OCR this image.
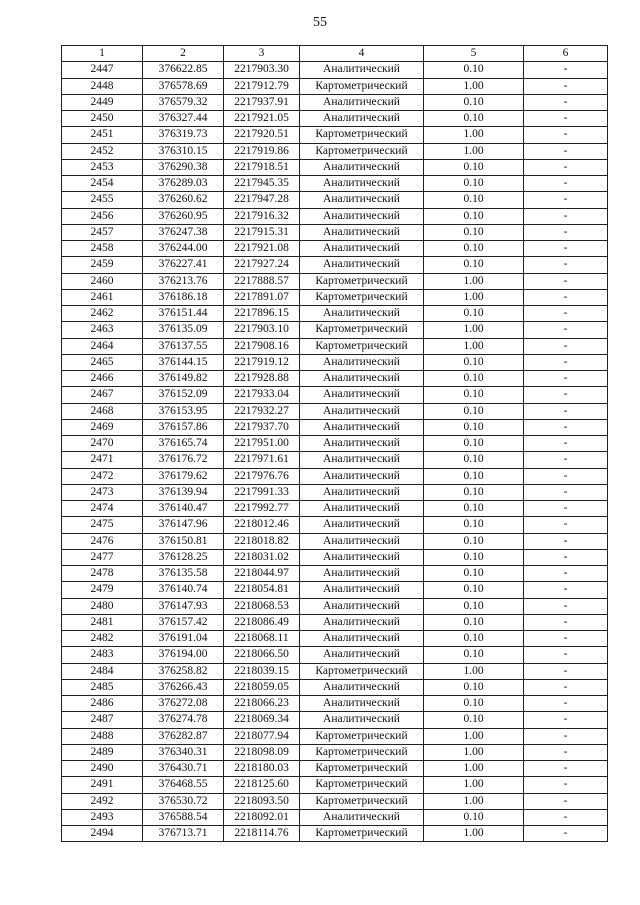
55
1	2	3	4	5	6
2447	376622.85	2217903.30	Аналитический	0.10	-
2448	376578.69	2217912.79	Картометрический	1.00	-
2449	376579.32	2217937.91	Аналитический	0.10	-
2450	376327.44	2217921.05	Аналитический	0.10	-
2451	376319.73	2217920.51	Картометрический	1.00	-
2452	376310.15	2217919.86	Картометрический	1.00	-
2453	376290.38	2217918.51	Аналитический	0.10	-
2454	376289.03	2217945.35	Аналитический	0.10	-
2455	376260.62	2217947.28	Аналитический	0.10	-
2456	376260.95	2217916.32	Аналитический	0.10	-
2457	376247.38	2217915.31	Аналитический	0.10	-
2458	376244.00	2217921.08	Аналитический	0.10	-
2459	376227.41	2217927.24	Аналитический	0.10	-
2460	376213.76	2217888.57	Картометрический	1.00	-
2461	376186.18	2217891.07	Картометрический	1.00	-
2462	376151.44	2217896.15	Аналитический	0.10	-
2463	376135.09	2217903.10	Картометрический	1.00	-
2464	376137.55	2217908.16	Картометрический	1.00	-
2465	376144.15	2217919.12	Аналитический	0.10	-
2466	376149.82	2217928.88	Аналитический	0.10	-
2467	376152.09	2217933.04	Аналитический	0.10	-
2468	376153.95	2217932.27	Аналитический	0.10	-
2469	376157.86	2217937.70	Аналитический	0.10	-
2470	376165.74	2217951.00	Аналитический	0.10	-
2471	376176.72	2217971.61	Аналитический	0.10	-
2472	376179.62	2217976.76	Аналитический	0.10	-
2473	376139.94	2217991.33	Аналитический	0.10	-
2474	376140.47	2217992.77	Аналитический	0.10	-
2475	376147.96	2218012.46	Аналитический	0.10	-
2476	376150.81	2218018.82	Аналитический	0.10	-
2477	376128.25	2218031.02	Аналитический	0.10	-
2478	376135.58	2218044.97	Аналитический	0.10	-
2479	376140.74	2218054.81	Аналитический	0.10	-
2480	376147.93	2218068.53	Аналитический	0.10	-
2481	376157.42	2218086.49	Аналитический	0.10	-
2482	376191.04	2218068.11	Аналитический	0.10	-
2483	376194.00	2218066.50	Аналитический	0.10	-
2484	376258.82	2218039.15	Картометрический	1.00	-
2485	376266.43	2218059.05	Аналитический	0.10	-
2486	376272.08	2218066.23	Аналитический	0.10	-
2487	376274.78	2218069.34	Аналитический	0.10	-
2488	376282.87	2218077.94	Картометрический	1.00	-
2489	376340.31	2218098.09	Картометрический	1.00	-
2490	376430.71	2218180.03	Картометрический	1.00	-
2491	376468.55	2218125.60	Картометрический	1.00	-
2492	376530.72	2218093.50	Картометрический	1.00	-
2493	376588.54	2218092.01	Аналитический	0.10	-
2494	376713.71	2218114.76	Картометрический	1.00	-
